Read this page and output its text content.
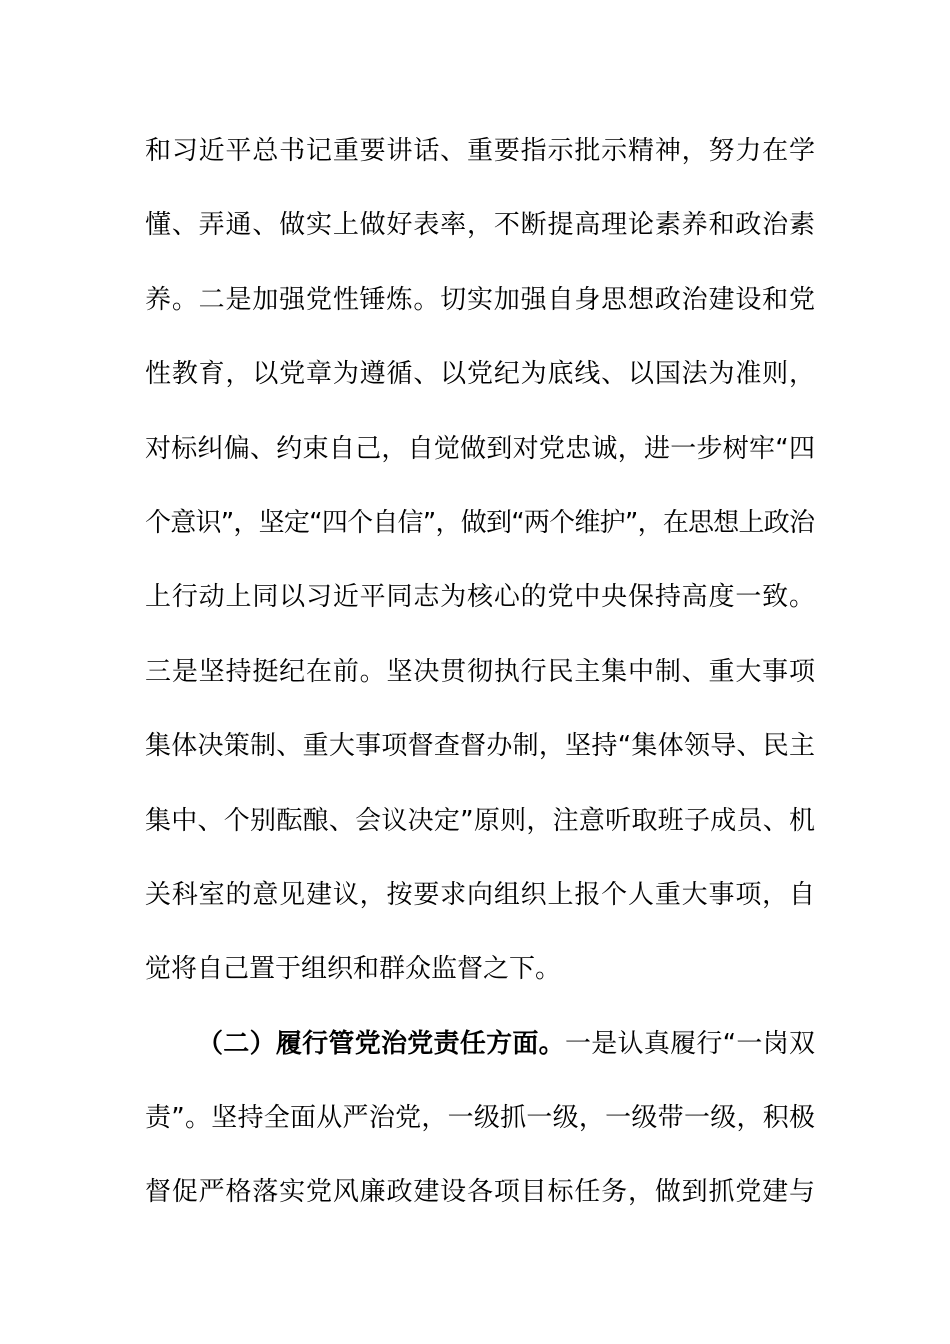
和习近平总书记重要讲话、重要指示批示精神，努力在学
懂、弄通、做实上做好表率，不断提高理论素养和政治素
养。二是加强党性锤炼。切实加强自身思想政治建设和党
性教育，以党章为遵循、以党纪为底线、以国法为准则，
对标纠偏、约束自己，自觉做到对党忠诚，进一步树牢“四
个意识”，坚定“四个自信”，做到“两个维护”，在思想上政治
上行动上同以习近平同志为核心的党中央保持高度一致。
三是坚持挺纪在前。坚决贯彻执行民主集中制、重大事项
集体决策制、重大事项督查督办制，坚持“集体领导、民主
集中、个别酝酿、会议决定”原则，注意听取班子成员、机
关科室的意见建议，按要求向组织上报个人重大事项，自
觉将自己置于组织和群众监督之下。
（二）履行管党治党责任方面。一是认真履行“一岗双
责”。坚持全面从严治党，一级抓一级，一级带一级，积极
督促严格落实党风廉政建设各项目标任务，做到抓党建与
